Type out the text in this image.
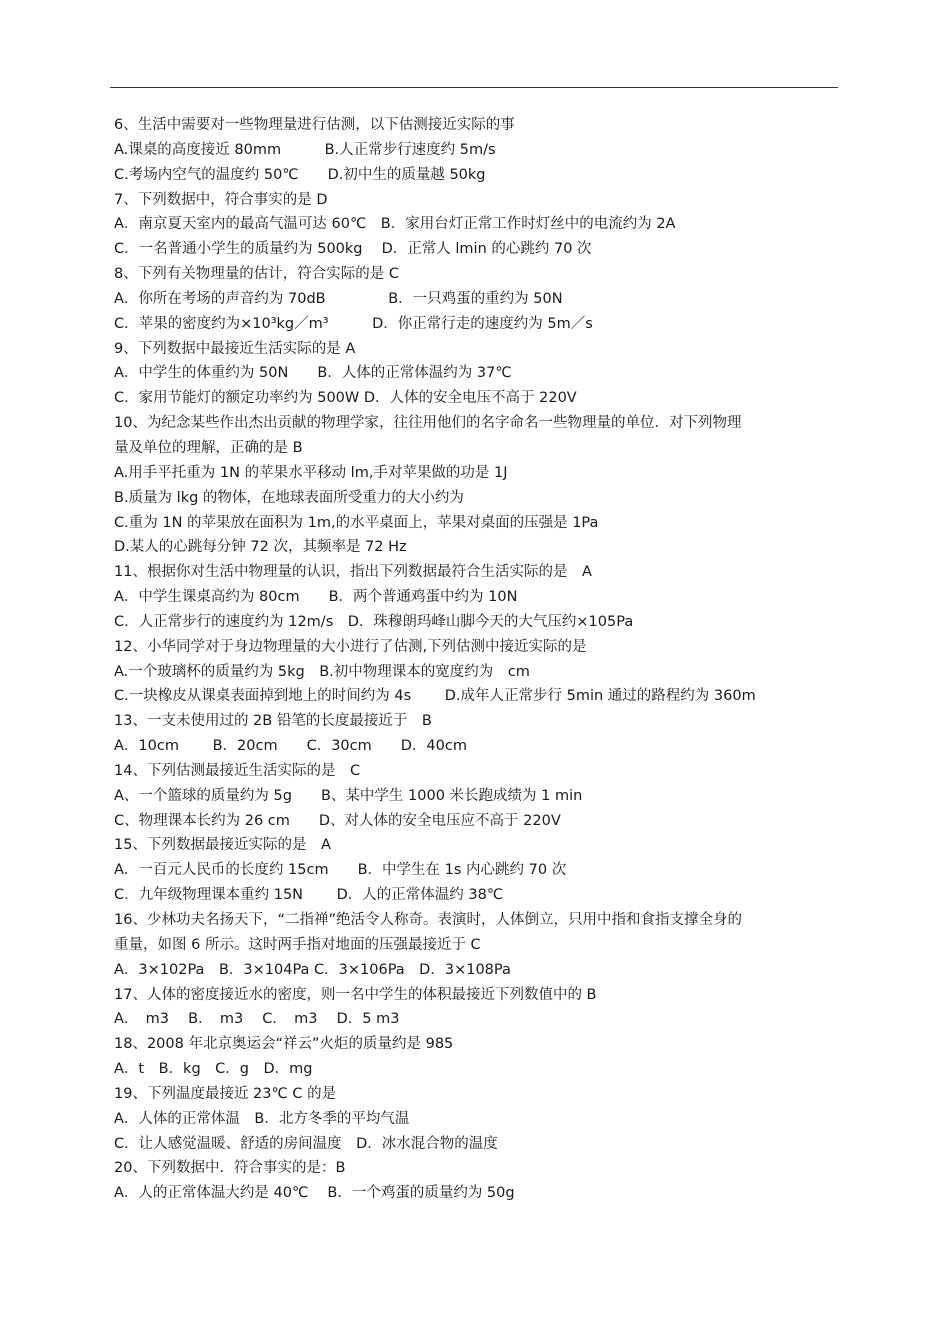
6、生活中需要对一些物理量进行估测，以下估测接近实际的事
A.课桌的高度接近 80mm　　　B.人正常步行速度约 5m/s
C.考场内空气的温度约 50℃　　D.初中生的质量越 50kg
7、下列数据中，符合事实的是 D
A．南京夏天室内的最高气温可达 60℃　B．家用台灯正常工作时灯丝中的电流约为 2A
C．一名普通小学生的质量约为 500kg　 D．正常人 lmin 的心跳约 70 次
8、下列有关物理量的估计，符合实际的是 C
A．你所在考场的声音约为 70dB　　　　 B．一只鸡蛋的重约为 50N
C．苹果的密度约为×10³kg／m³　　　D．你正常行走的速度约为 5m／s
9、下列数据中最接近生活实际的是 A
A．中学生的体重约为 50N　　B．人体的正常体温约为 37℃
C．家用节能灯的额定功率约为 500W D．人体的安全电压不高于 220V
10、为纪念某些作出杰出贡献的物理学家，往往用他们的名字命名一些物理量的单位．对下列物理
量及单位的理解，正确的是 B
A.用手平托重为 1N 的苹果水平移动 lm,手对苹果做的功是 1J
B.质量为 lkg 的物体，在地球表面所受重力的大小约为
C.重为 1N 的苹果放在面积为 1m,的水平桌面上，苹果对桌面的压强是 1Pa
D.某人的心跳每分钟 72 次，其频率是 72 Hz
11、根据你对生活中物理量的认识，指出下列数据最符合生活实际的是　A
A．中学生课桌高约为 80cm　　B．两个普通鸡蛋中约为 10N
C．人正常步行的速度约为 12m/s　D．珠穆朗玛峰山脚今天的大气压约×105Pa
12、小华同学对于身边物理量的大小进行了估测,下列估测中接近实际的是
A.一个玻璃杯的质量约为 5kg　B.初中物理课本的宽度约为　cm
C.一块橡皮从课桌表面掉到地上的时间约为 4s　　 D.成年人正常步行 5min 通过的路程约为 360m
13、一支未使用过的 2B 铅笔的长度最接近于　B
A．10cm　　 B．20cm　　C．30cm　　D．40cm
14、下列估测最接近生活实际的是　C
A、一个篮球的质量约为 5g　　B、某中学生 1000 米长跑成绩为 1 min
C、物理课本长约为 26 cm　　D、对人体的安全电压应不高于 220V
15、下列数据最接近实际的是　A
A．一百元人民币的长度约 15cm　　B．中学生在 1s 内心跳约 70 次
C．九年级物理课本重约 15N　　 D．人的正常体温约 38℃
16、少林功夫名扬天下，“二指禅”绝活令人称奇。表演时，人体倒立，只用中指和食指支撑全身的
重量，如图 6 所示。这时两手指对地面的压强最接近于 C
A．3×102Pa　B．3×104Pa C．3×106Pa　D．3×108Pa
17、人体的密度接近水的密度，则一名中学生的体积最接近下列数值中的 B
A．　m3　 B．　m3　 C．　m3　 D．5 m3
18、2008 年北京奥运会“祥云”火炬的质量约是 985
A．t　B．kg　C．g　D．mg
19、下列温度最接近 23℃ C 的是
A．人体的正常体温　B．北方冬季的平均气温
C．让人感觉温暖、舒适的房间温度　D．冰水混合物的温度
20、下列数据中．符合事实的是：B
A．人的正常体温大约是 40℃　 B．一个鸡蛋的质量约为 50g
